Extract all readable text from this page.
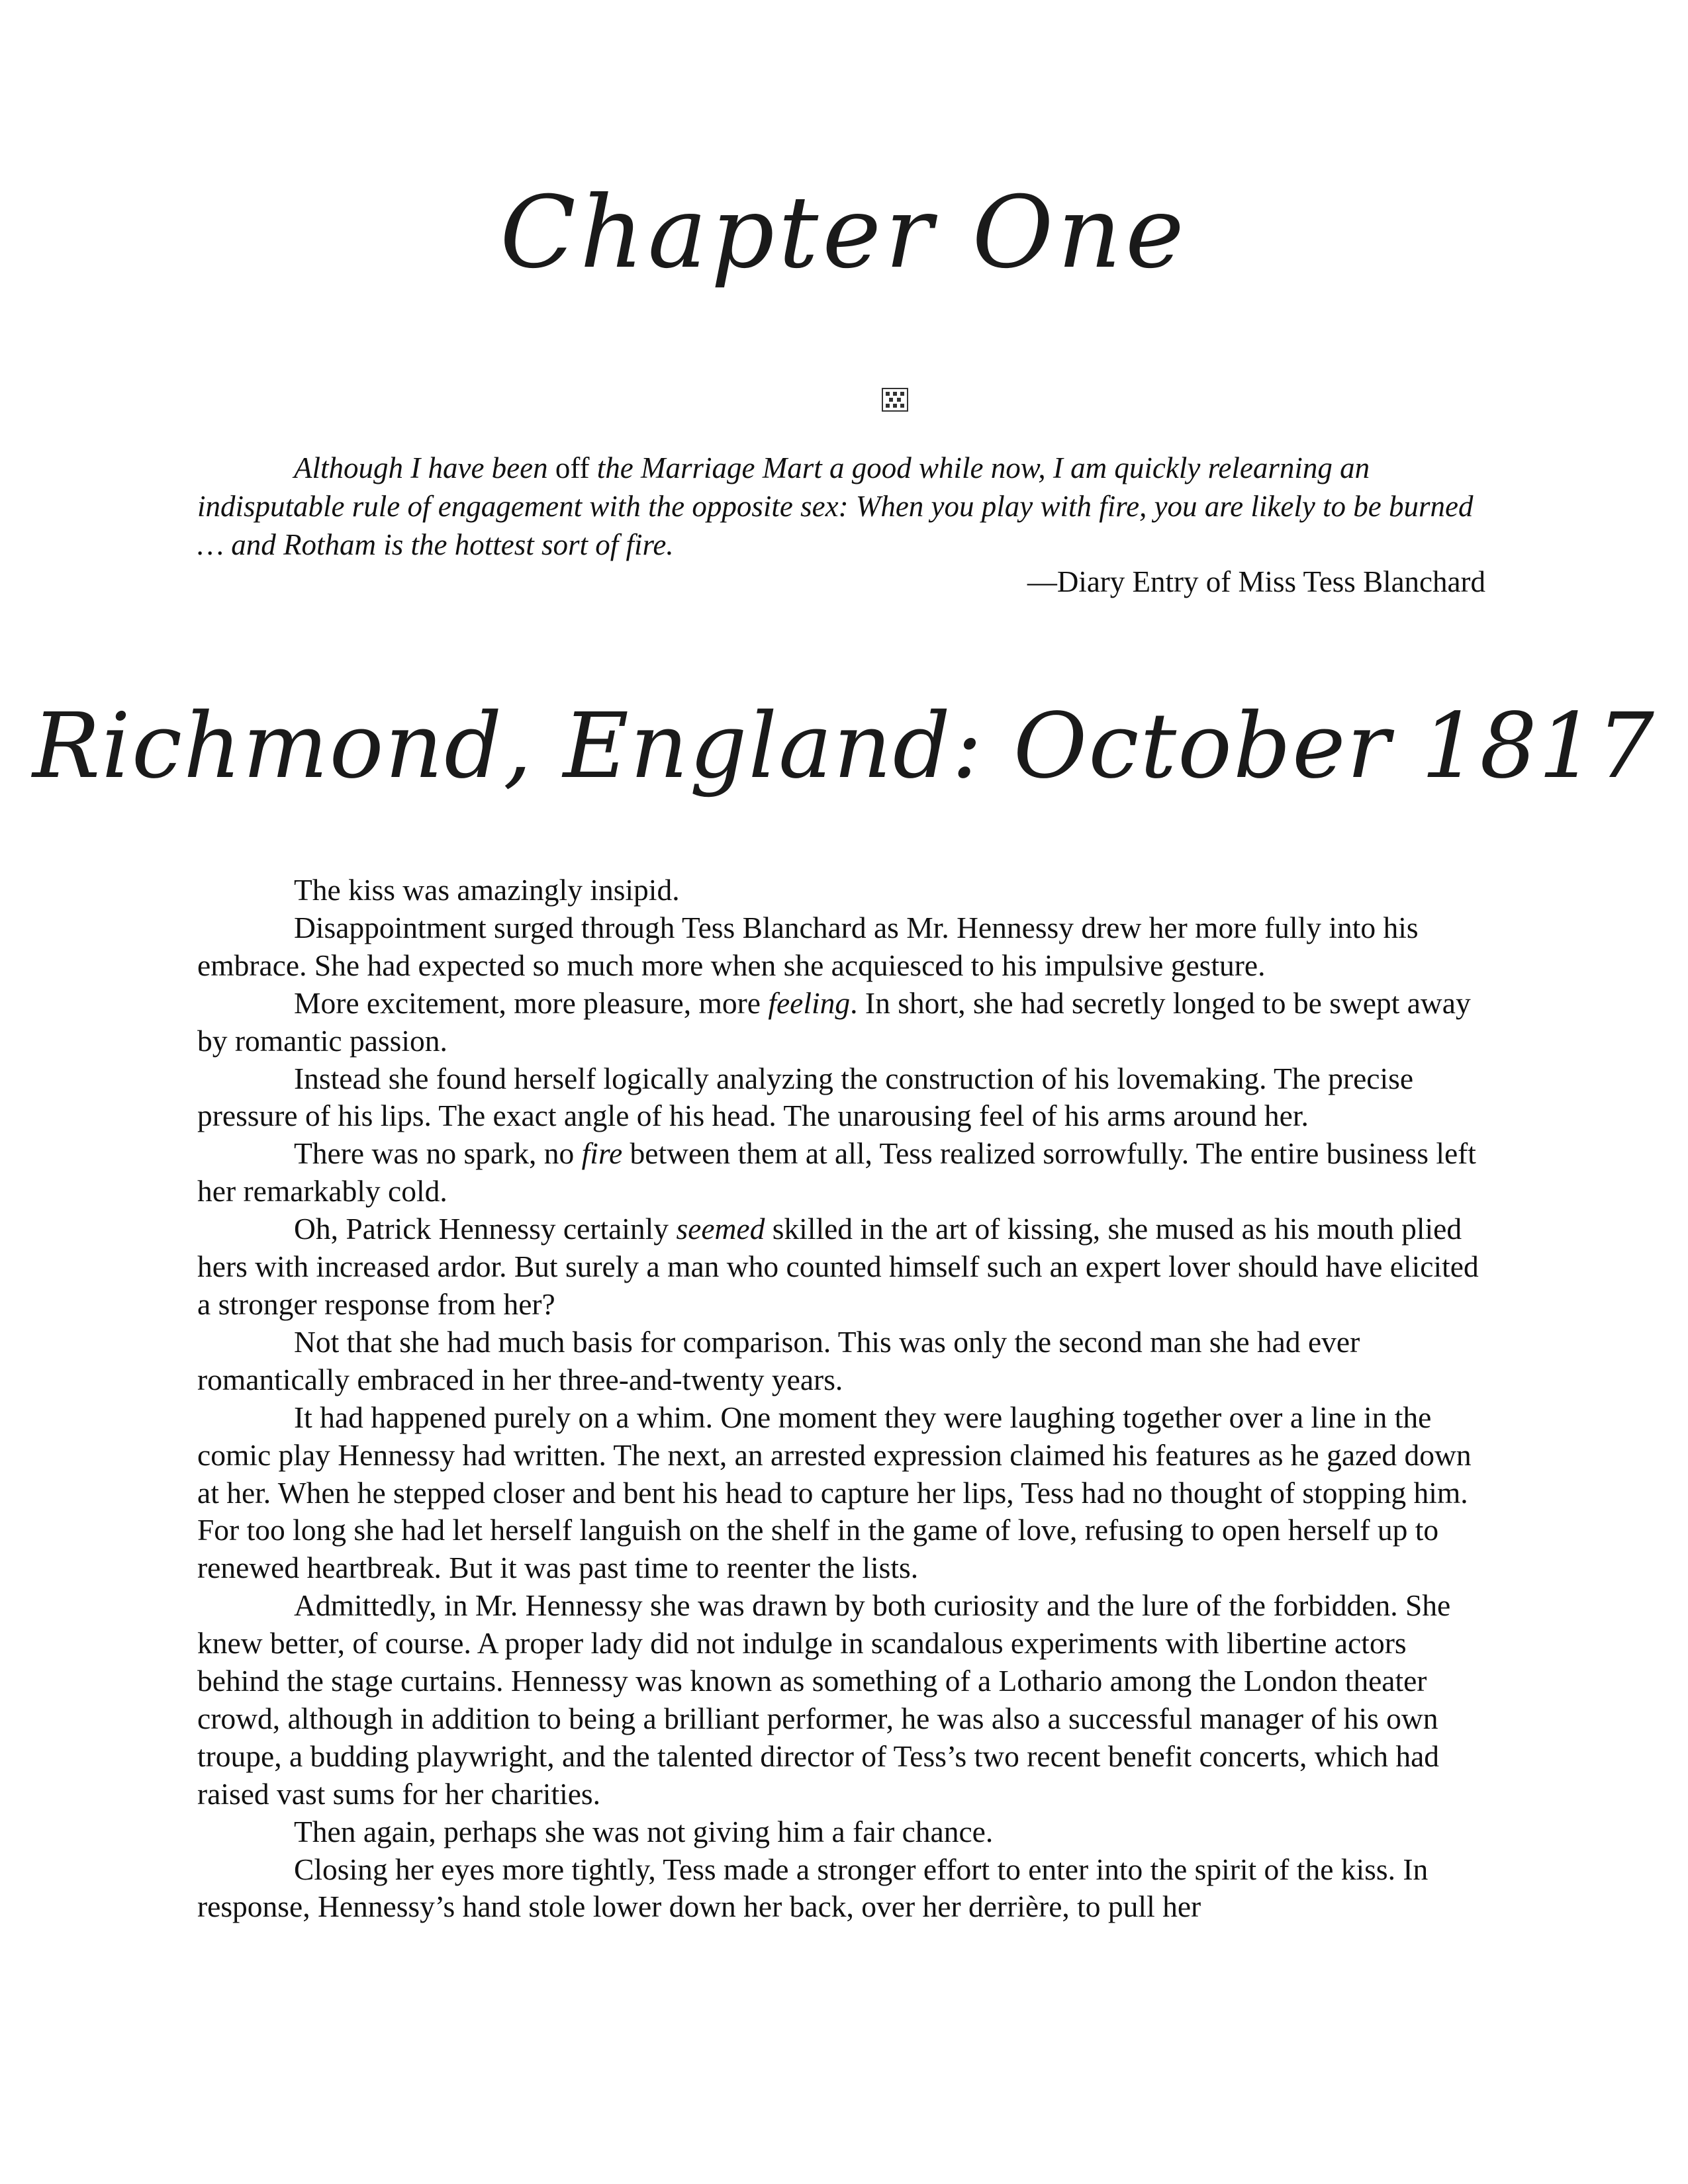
Chapter One

Although I have been off the Marriage Mart a good while now, I am quickly relearning an indisputable rule of engagement with the opposite sex: When you play with fire, you are likely to be burned … and Rotham is the hottest sort of fire.

—Diary Entry of Miss Tess Blanchard
Richmond, England: October 1817

The kiss was amazingly insipid.

Disappointment surged through Tess Blanchard as Mr. Hennessy drew her more fully into his embrace. She had expected so much more when she acquiesced to his impulsive gesture.

More excitement, more pleasure, more feeling. In short, she had secretly longed to be swept away by romantic passion.

Instead she found herself logically analyzing the construction of his lovemaking. The precise pressure of his lips. The exact angle of his head. The unarousing feel of his arms around her.

There was no spark, no fire between them at all, Tess realized sorrowfully. The entire business left her remarkably cold.

Oh, Patrick Hennessy certainly seemed skilled in the art of kissing, she mused as his mouth plied hers with increased ardor. But surely a man who counted himself such an expert lover should have elicited a stronger response from her?

Not that she had much basis for comparison. This was only the second man she had ever romantically embraced in her three-and-twenty years.

It had happened purely on a whim. One moment they were laughing together over a line in the comic play Hennessy had written. The next, an arrested expression claimed his features as he gazed down at her. When he stepped closer and bent his head to capture her lips, Tess had no thought of stopping him. For too long she had let herself languish on the shelf in the game of love, refusing to open herself up to renewed heartbreak. But it was past time to reenter the lists.

Admittedly, in Mr. Hennessy she was drawn by both curiosity and the lure of the forbidden. She knew better, of course. A proper lady did not indulge in scandalous experiments with libertine actors behind the stage curtains. Hennessy was known as something of a Lothario among the London theater crowd, although in addition to being a brilliant performer, he was also a successful manager of his own troupe, a budding playwright, and the talented director of Tess’s two recent benefit concerts, which had raised vast sums for her charities.

Then again, perhaps she was not giving him a fair chance.

Closing her eyes more tightly, Tess made a stronger effort to enter into the spirit of the kiss. In response, Hennessy’s hand stole lower down her back, over her derrière, to pull her
